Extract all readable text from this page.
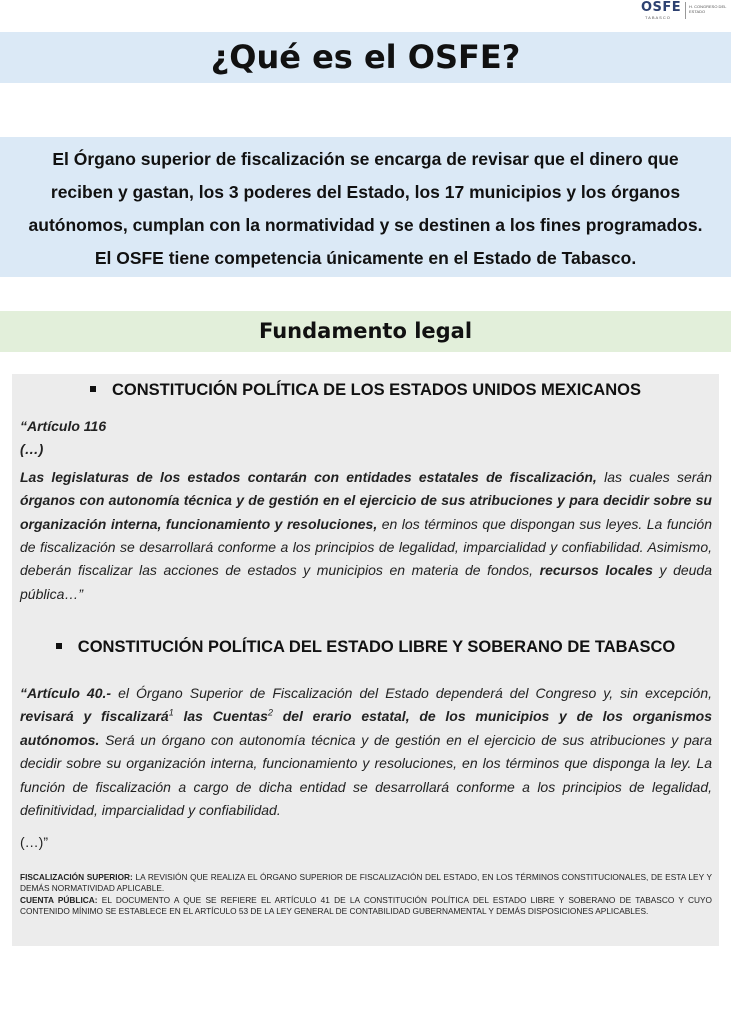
OSFE
TABASCO
H. CONGRESO DEL ESTADO
¿Qué es el OSFE?

El Órgano superior de fiscalización se encarga de revisar que el dinero que

reciben y gastan, los 3 poderes del Estado, los 17 municipios y los órganos

autónomos, cumplan con la normatividad y se destinen a los fines programados.

El OSFE tiene competencia únicamente en el Estado de Tabasco.

Fundamento legal
CONSTITUCIÓN POLÍTICA DE LOS ESTADOS UNIDOS MEXICANOS

“Artículo 116

(…)

Las legislaturas de los estados contarán con entidades estatales de fiscalización, las cuales serán órganos con autonomía técnica y de gestión en el ejercicio de sus atribuciones y para decidir sobre su organización interna, funcionamiento y resoluciones, en los términos que dispongan sus leyes. La función de fiscalización se desarrollará conforme a los principios de legalidad, imparcialidad y confiabilidad. Asimismo, deberán fiscalizar las acciones de estados y municipios en materia de fondos, recursos locales y deuda pública…”

CONSTITUCIÓN POLÍTICA DEL ESTADO LIBRE Y SOBERANO DE TABASCO

“Artículo 40.- el Órgano Superior de Fiscalización del Estado dependerá del Congreso y, sin excepción, revisará y fiscalizará$^1$ las Cuentas$^2$ del erario estatal, de los municipios y de los organismos autónomos. Será un órgano con autonomía técnica y de gestión en el ejercicio de sus atribuciones y para decidir sobre su organización interna, funcionamiento y resoluciones, en los términos que disponga la ley. La función de fiscalización a cargo de dicha entidad se desarrollará conforme a los principios de legalidad, definitividad, imparcialidad y confiabilidad.

(…)”

FISCALIZACIÓN SUPERIOR: LA REVISIÓN QUE REALIZA EL ÓRGANO SUPERIOR DE FISCALIZACIÓN DEL ESTADO, EN LOS TÉRMINOS CONSTITUCIONALES, DE ESTA LEY Y DEMÁS NORMATIVIDAD APLICABLE.

CUENTA PÚBLICA: EL DOCUMENTO A QUE SE REFIERE EL ARTÍCULO 41 DE LA CONSTITUCIÓN POLÍTICA DEL ESTADO LIBRE Y SOBERANO DE TABASCO Y CUYO CONTENIDO MÍNIMO SE ESTABLECE EN EL ARTÍCULO 53 DE LA LEY GENERAL DE CONTABILIDAD GUBERNAMENTAL Y DEMÁS DISPOSICIONES APLICABLES.
